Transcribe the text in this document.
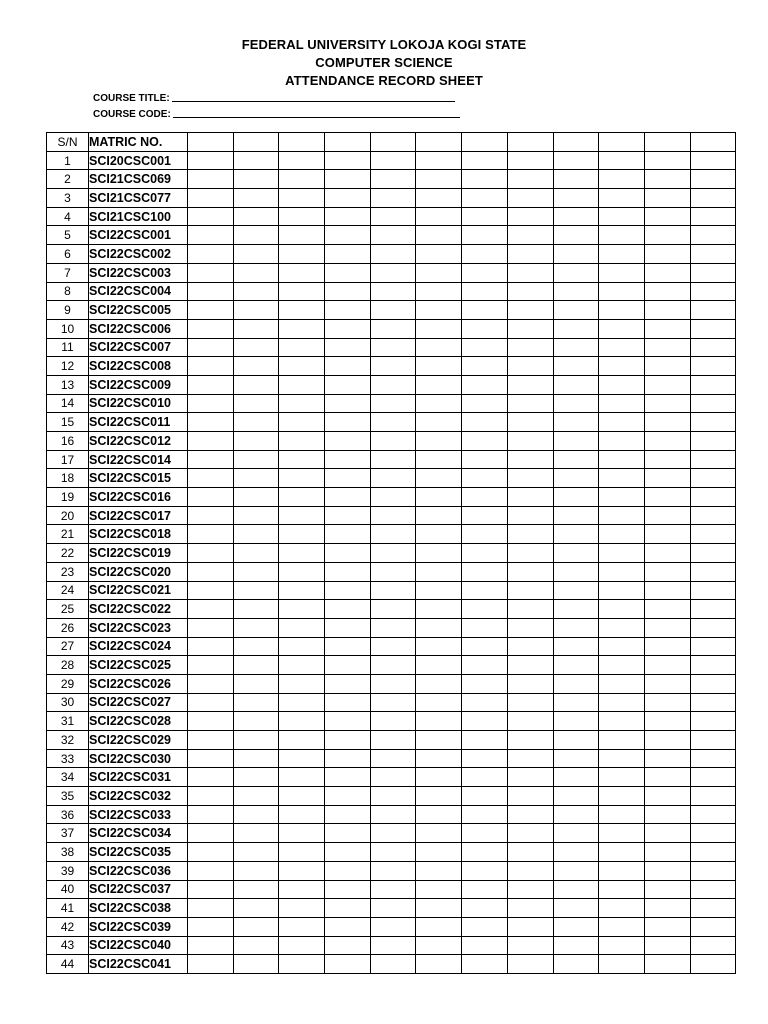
FEDERAL UNIVERSITY LOKOJA KOGI STATE
COMPUTER SCIENCE
ATTENDANCE RECORD SHEET
COURSE TITLE:
COURSE CODE:
S/N	MATRIC NO.												
1	SCI20CSC001												
2	SCI21CSC069												
3	SCI21CSC077												
4	SCI21CSC100												
5	SCI22CSC001												
6	SCI22CSC002												
7	SCI22CSC003												
8	SCI22CSC004												
9	SCI22CSC005												
10	SCI22CSC006												
11	SCI22CSC007												
12	SCI22CSC008												
13	SCI22CSC009												
14	SCI22CSC010												
15	SCI22CSC011												
16	SCI22CSC012												
17	SCI22CSC014												
18	SCI22CSC015												
19	SCI22CSC016												
20	SCI22CSC017												
21	SCI22CSC018												
22	SCI22CSC019												
23	SCI22CSC020												
24	SCI22CSC021												
25	SCI22CSC022												
26	SCI22CSC023												
27	SCI22CSC024												
28	SCI22CSC025												
29	SCI22CSC026												
30	SCI22CSC027												
31	SCI22CSC028												
32	SCI22CSC029												
33	SCI22CSC030												
34	SCI22CSC031												
35	SCI22CSC032												
36	SCI22CSC033												
37	SCI22CSC034												
38	SCI22CSC035												
39	SCI22CSC036												
40	SCI22CSC037												
41	SCI22CSC038												
42	SCI22CSC039												
43	SCI22CSC040												
44	SCI22CSC041												
